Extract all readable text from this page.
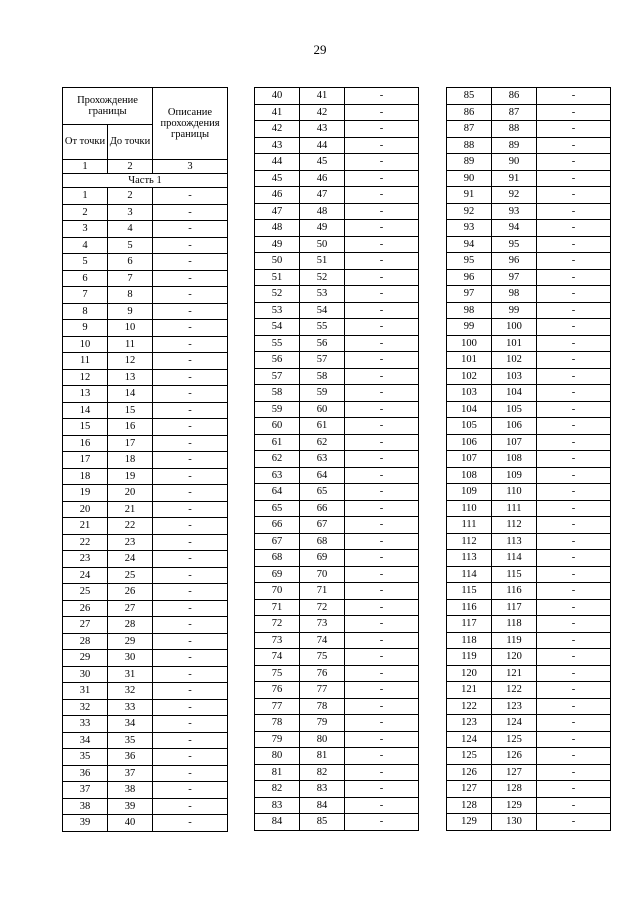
29
Прохождение границы		Описание прохождения границы
От точки	До точки	
1	2	3
Часть 1		
1	2	-
2	3	-
3	4	-
4	5	-
5	6	-
6	7	-
7	8	-
8	9	-
9	10	-
10	11	-
11	12	-
12	13	-
13	14	-
14	15	-
15	16	-
16	17	-
17	18	-
18	19	-
19	20	-
20	21	-
21	22	-
22	23	-
23	24	-
24	25	-
25	26	-
26	27	-
27	28	-
28	29	-
29	30	-
30	31	-
31	32	-
32	33	-
33	34	-
34	35	-
35	36	-
36	37	-
37	38	-
38	39	-
39	40	-
40	41	-
41	42	-
42	43	-
43	44	-
44	45	-
45	46	-
46	47	-
47	48	-
48	49	-
49	50	-
50	51	-
51	52	-
52	53	-
53	54	-
54	55	-
55	56	-
56	57	-
57	58	-
58	59	-
59	60	-
60	61	-
61	62	-
62	63	-
63	64	-
64	65	-
65	66	-
66	67	-
67	68	-
68	69	-
69	70	-
70	71	-
71	72	-
72	73	-
73	74	-
74	75	-
75	76	-
76	77	-
77	78	-
78	79	-
79	80	-
80	81	-
81	82	-
82	83	-
83	84	-
84	85	-
85	86	-
86	87	-
87	88	-
88	89	-
89	90	-
90	91	-
91	92	-
92	93	-
93	94	-
94	95	-
95	96	-
96	97	-
97	98	-
98	99	-
99	100	-
100	101	-
101	102	-
102	103	-
103	104	-
104	105	-
105	106	-
106	107	-
107	108	-
108	109	-
109	110	-
110	111	-
111	112	-
112	113	-
113	114	-
114	115	-
115	116	-
116	117	-
117	118	-
118	119	-
119	120	-
120	121	-
121	122	-
122	123	-
123	124	-
124	125	-
125	126	-
126	127	-
127	128	-
128	129	-
129	130	-
